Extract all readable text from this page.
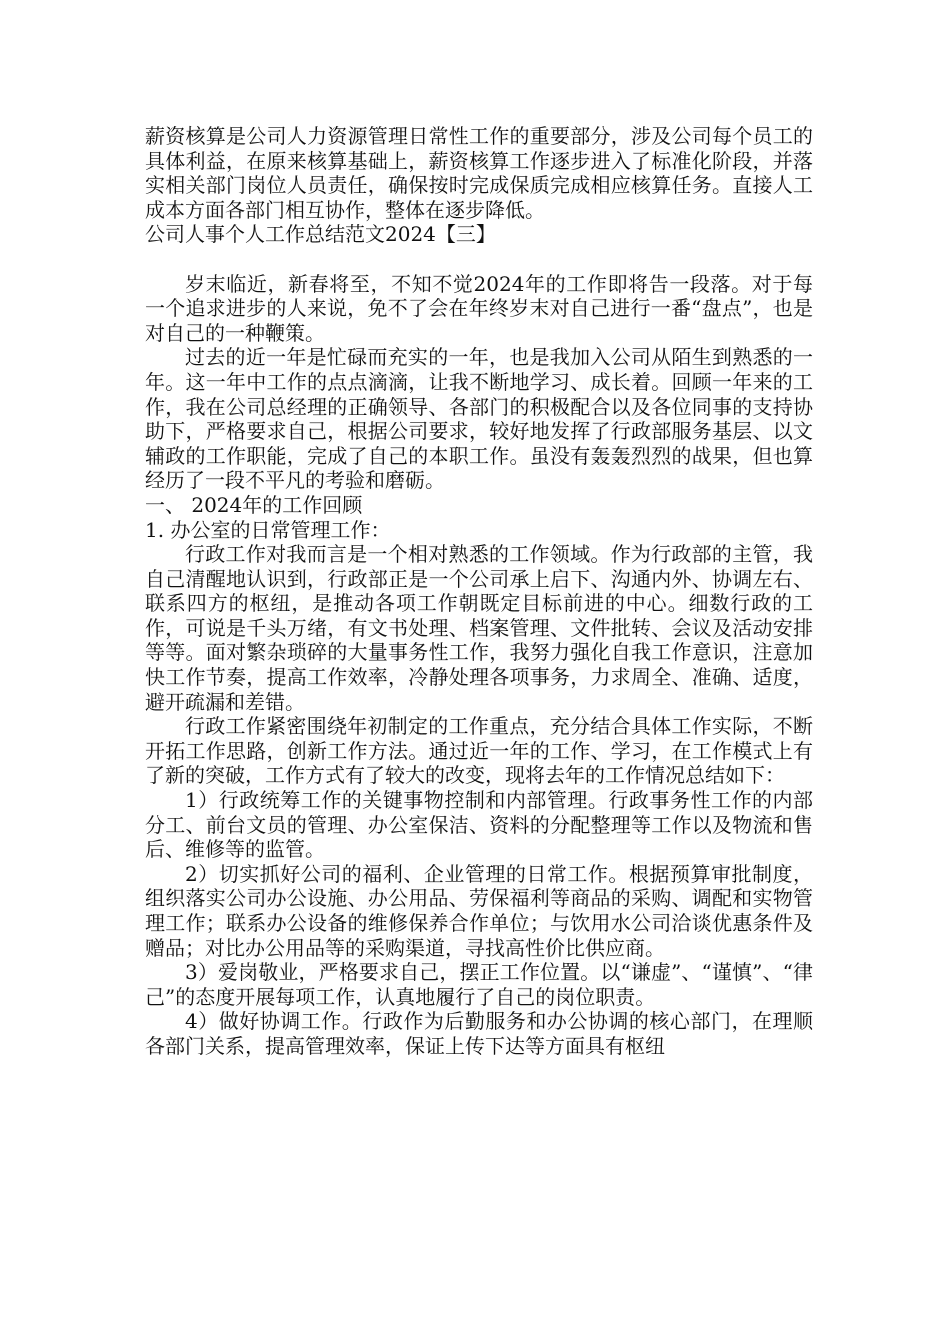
薪资核算是公司人力资源管理日常性工作的重要部分，涉及公司每个员工的具体利益，在原来核算基础上，薪资核算工作逐步进入了标准化阶段，并落实相关部门岗位人员责任，确保按时完成保质完成相应核算任务。直接人工成本方面各部门相互协作，整体在逐步降低。

公司人事个人工作总结范文2024【三】

岁末临近，新春将至，不知不觉2024年的工作即将告一段落。对于每一个追求进步的人来说，免不了会在年终岁末对自己进行一番“盘点”，也是对自己的一种鞭策。

过去的近一年是忙碌而充实的一年，也是我加入公司从陌生到熟悉的一年。这一年中工作的点点滴滴，让我不断地学习、成长着。回顾一年来的工作，我在公司总经理的正确领导、各部门的积极配合以及各位同事的支持协助下，严格要求自己，根据公司要求，较好地发挥了行政部服务基层、以文辅政的工作职能，完成了自己的本职工作。虽没有轰轰烈烈的战果，但也算经历了一段不平凡的考验和磨砺。

一、 2024年的工作回顾

1. 办公室的日常管理工作：

行政工作对我而言是一个相对熟悉的工作领域。作为行政部的主管，我自己清醒地认识到，行政部正是一个公司承上启下、沟通内外、协调左右、联系四方的枢纽，是推动各项工作朝既定目标前进的中心。细数行政的工作，可说是千头万绪，有文书处理、档案管理、文件批转、会议及活动安排等等。面对繁杂琐碎的大量事务性工作，我努力强化自我工作意识，注意加快工作节奏，提高工作效率，冷静处理各项事务，力求周全、准确、适度，避开疏漏和差错。

行政工作紧密围绕年初制定的工作重点，充分结合具体工作实际，不断开拓工作思路，创新工作方法。通过近一年的工作、学习，在工作模式上有了新的突破，工作方式有了较大的改变，现将去年的工作情况总结如下：

1）行政统筹工作的关键事物控制和内部管理。行政事务性工作的内部分工、前台文员的管理、办公室保洁、资料的分配整理等工作以及物流和售后、维修等的监管。

2）切实抓好公司的福利、企业管理的日常工作。根据预算审批制度，组织落实公司办公设施、办公用品、劳保福利等商品的采购、调配和实物管理工作；联系办公设备的维修保养合作单位；与饮用水公司洽谈优惠条件及赠品；对比办公用品等的采购渠道，寻找高性价比供应商。

3）爱岗敬业，严格要求自己，摆正工作位置。以“谦虚”、“谨慎”、“律己”的态度开展每项工作，认真地履行了自己的岗位职责。

4）做好协调工作。行政作为后勤服务和办公协调的核心部门，在理顺各部门关系，提高管理效率，保证上传下达等方面具有枢纽
